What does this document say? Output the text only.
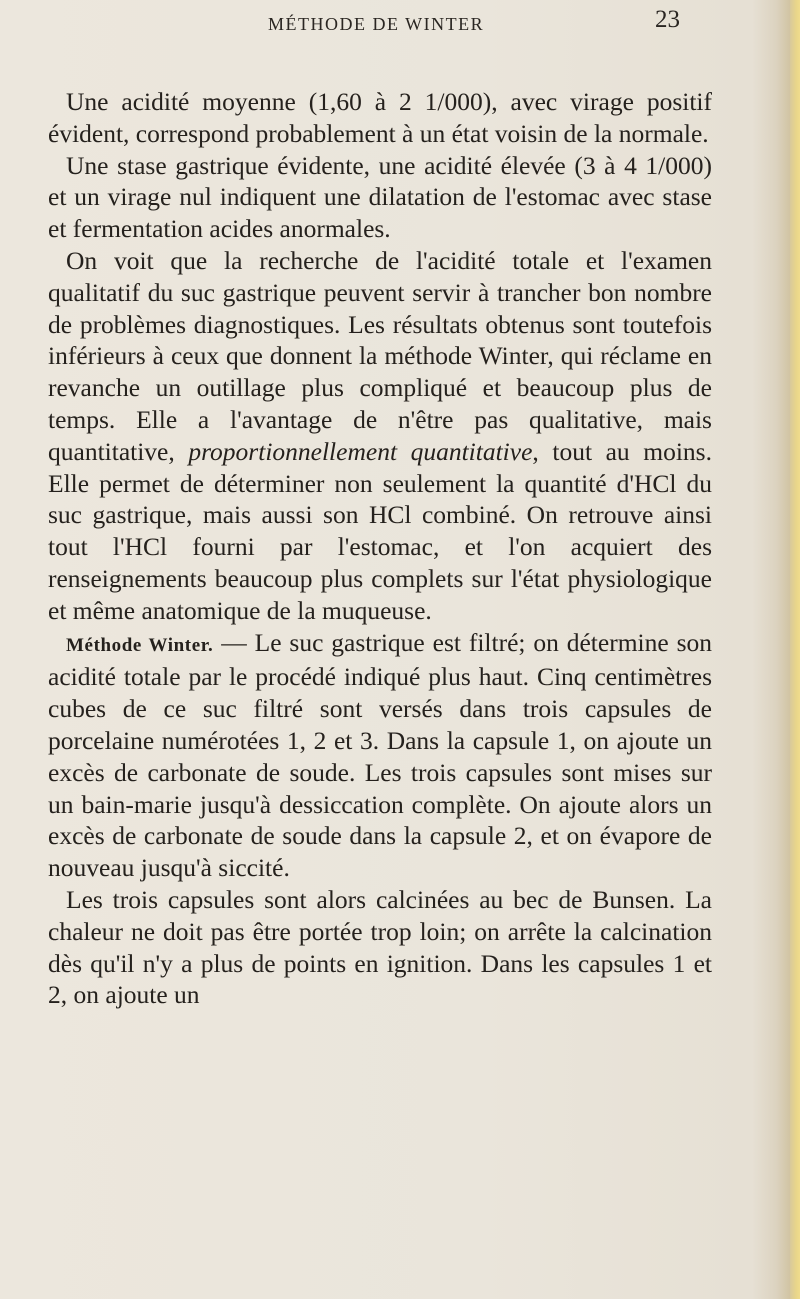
MÉTHODE DE WINTER	23

Une acidité moyenne (1,60 à 2 1/000), avec virage positif évident, correspond probablement à un état voisin de la normale.

Une stase gastrique évidente, une acidité élevée (3 à 4 1/000) et un virage nul indiquent une dilatation de l'estomac avec stase et fermentation acides anormales.

On voit que la recherche de l'acidité totale et l'examen qualitatif du suc gastrique peuvent servir à trancher bon nombre de problèmes diagnostiques. Les résultats obtenus sont toutefois inférieurs à ceux que donnent la méthode Winter, qui réclame en revanche un outillage plus compliqué et beaucoup plus de temps. Elle a l'avantage de n'être pas qualitative, mais quantitative, proportionnellement quantitative, tout au moins. Elle permet de déterminer non seulement la quantité d'HCl du suc gastrique, mais aussi son HCl combiné. On retrouve ainsi tout l'HCl fourni par l'estomac, et l'on acquiert des renseignements beaucoup plus complets sur l'état physiologique et même anatomique de la muqueuse.

Méthode Winter. — Le suc gastrique est filtré; on détermine son acidité totale par le procédé indiqué plus haut. Cinq centimètres cubes de ce suc filtré sont versés dans trois capsules de porcelaine numérotées 1, 2 et 3. Dans la capsule 1, on ajoute un excès de carbonate de soude. Les trois capsules sont mises sur un bain-marie jusqu'à dessiccation complète. On ajoute alors un excès de carbonate de soude dans la capsule 2, et on évapore de nouveau jusqu'à siccité.

Les trois capsules sont alors calcinées au bec de Bunsen. La chaleur ne doit pas être portée trop loin; on arrête la calcination dès qu'il n'y a plus de points en ignition. Dans les capsules 1 et 2, on ajoute un
